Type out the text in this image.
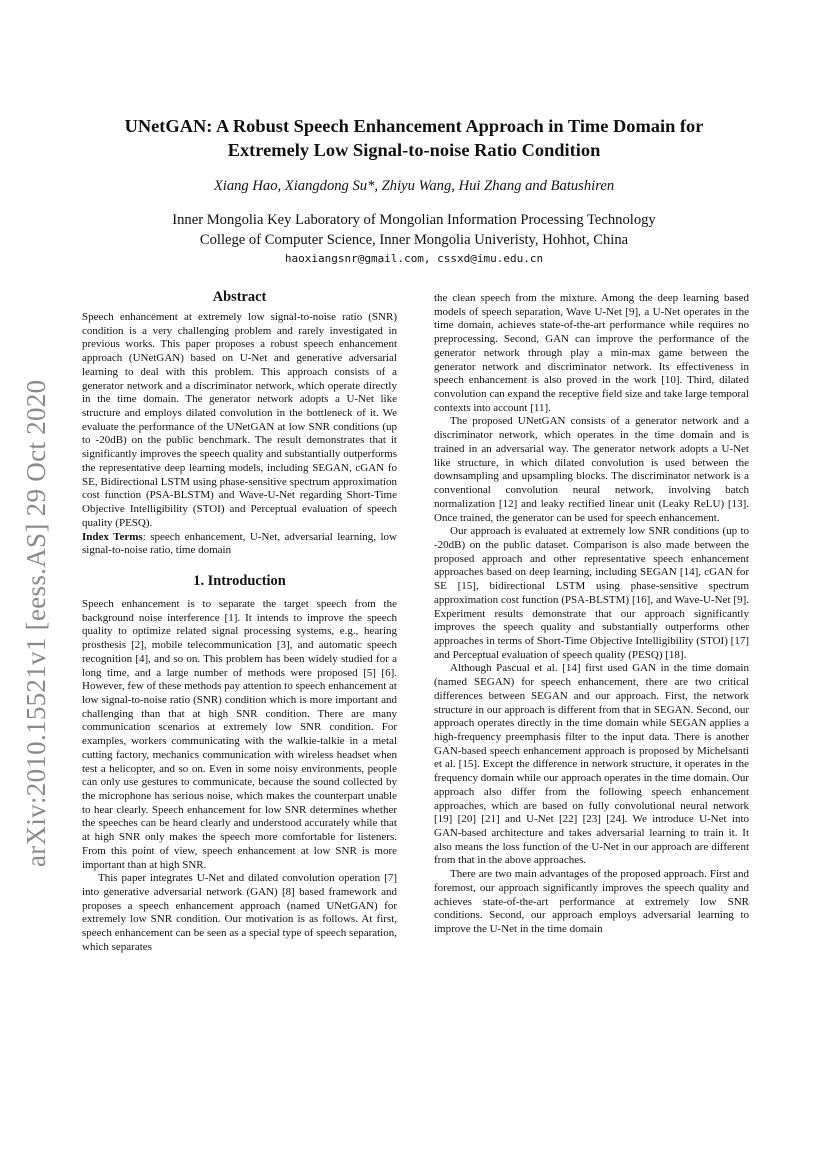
UNetGAN: A Robust Speech Enhancement Approach in Time Domain for
Extremely Low Signal-to-noise Ratio Condition
Xiang Hao, Xiangdong Su*, Zhiyu Wang, Hui Zhang and Batushiren
Inner Mongolia Key Laboratory of Mongolian Information Processing Technology
College of Computer Science, Inner Mongolia Univeristy, Hohhot, China
haoxiangsnr@gmail.com, cssxd@imu.edu.cn
arXiv:2010.15521v1 [eess.AS] 29 Oct 2020
Abstract

Speech enhancement at extremely low signal-to-noise ratio (SNR) condition is a very challenging problem and rarely investigated in previous works. This paper proposes a robust speech enhancement approach (UNetGAN) based on U-Net and generative adversarial learning to deal with this problem. This approach consists of a generator network and a discriminator network, which operate directly in the time domain. The generator network adopts a U-Net like structure and employs dilated convolution in the bottleneck of it. We evaluate the performance of the UNetGAN at low SNR conditions (up to -20dB) on the public benchmark. The result demonstrates that it significantly improves the speech quality and substantially outperforms the representative deep learning models, including SEGAN, cGAN fo SE, Bidirectional LSTM using phase-sensitive spectrum approximation cost function (PSA-BLSTM) and Wave-U-Net regarding Short-Time Objective Intelligibility (STOI) and Perceptual evaluation of speech quality (PESQ).

Index Terms: speech enhancement, U-Net, adversarial learning, low signal-to-noise ratio, time domain

1. Introduction

Speech enhancement is to separate the target speech from the background noise interference [1]. It intends to improve the speech quality to optimize related signal processing systems, e.g., hearing prosthesis [2], mobile telecommunication [3], and automatic speech recognition [4], and so on. This problem has been widely studied for a long time, and a large number of methods were proposed [5] [6]. However, few of these methods pay attention to speech enhancement at low signal-to-noise ratio (SNR) condition which is more important and challenging than that at high SNR condition. There are many communication scenarios at extremely low SNR condition. For examples, workers communicating with the walkie-talkie in a metal cutting factory, mechanics communication with wireless headset when test a helicopter, and so on. Even in some noisy environments, people can only use gestures to communicate, because the sound collected by the microphone has serious noise, which makes the counterpart unable to hear clearly. Speech enhancement for low SNR determines whether the speeches can be heard clearly and understood accurately while that at high SNR only makes the speech more comfortable for listeners. From this point of view, speech enhancement at low SNR is more important than at high SNR.

This paper integrates U-Net and dilated convolution operation [7] into generative adversarial network (GAN) [8] based framework and proposes a speech enhancement approach (named UNetGAN) for extremely low SNR condition. Our motivation is as follows. At first, speech enhancement can be seen as a special type of speech separation, which separates

the clean speech from the mixture. Among the deep learning based models of speech separation, Wave U-Net [9], a U-Net operates in the time domain, achieves state-of-the-art performance while requires no preprocessing. Second, GAN can improve the performance of the generator network through play a min-max game between the generator network and discriminator network. Its effectiveness in speech enhancement is also proved in the work [10]. Third, dilated convolution can expand the receptive field size and take large temporal contexts into account [11].

The proposed UNetGAN consists of a generator network and a discriminator network, which operates in the time domain and is trained in an adversarial way. The generator network adopts a U-Net like structure, in which dilated convolution is used between the downsampling and upsampling blocks. The discriminator network is a conventional convolution neural network, involving batch normalization [12] and leaky rectified linear unit (Leaky ReLU) [13]. Once trained, the generator can be used for speech enhancement.

Our approach is evaluated at extremely low SNR conditions (up to -20dB) on the public dataset. Comparison is also made between the proposed approach and other representative speech enhancement approaches based on deep learning, including SEGAN [14], cGAN for SE [15], bidirectional LSTM using phase-sensitive spectrum approximation cost function (PSA-BLSTM) [16], and Wave-U-Net [9]. Experiment results demonstrate that our approach significantly improves the speech quality and substantially outperforms other approaches in terms of Short-Time Objective Intelligibility (STOI) [17] and Perceptual evaluation of speech quality (PESQ) [18].

Although Pascual et al. [14] first used GAN in the time domain (named SEGAN) for speech enhancement, there are two critical differences between SEGAN and our approach. First, the network structure in our approach is different from that in SEGAN. Second, our approach operates directly in the time domain while SEGAN applies a high-frequency preemphasis filter to the input data. There is another GAN-based speech enhancement approach is proposed by Michelsanti et al. [15]. Except the difference in network structure, it operates in the frequency domain while our approach operates in the time domain. Our approach also differ from the following speech enhancement approaches, which are based on fully convolutional neural network [19] [20] [21] and U-Net [22] [23] [24]. We introduce U-Net into GAN-based architecture and takes adversarial learning to train it. It also means the loss function of the U-Net in our approach are different from that in the above approaches.

There are two main advantages of the proposed approach. First and foremost, our approach significantly improves the speech quality and achieves state-of-the-art performance at extremely low SNR conditions. Second, our approach employs adversarial learning to improve the U-Net in the time domain
